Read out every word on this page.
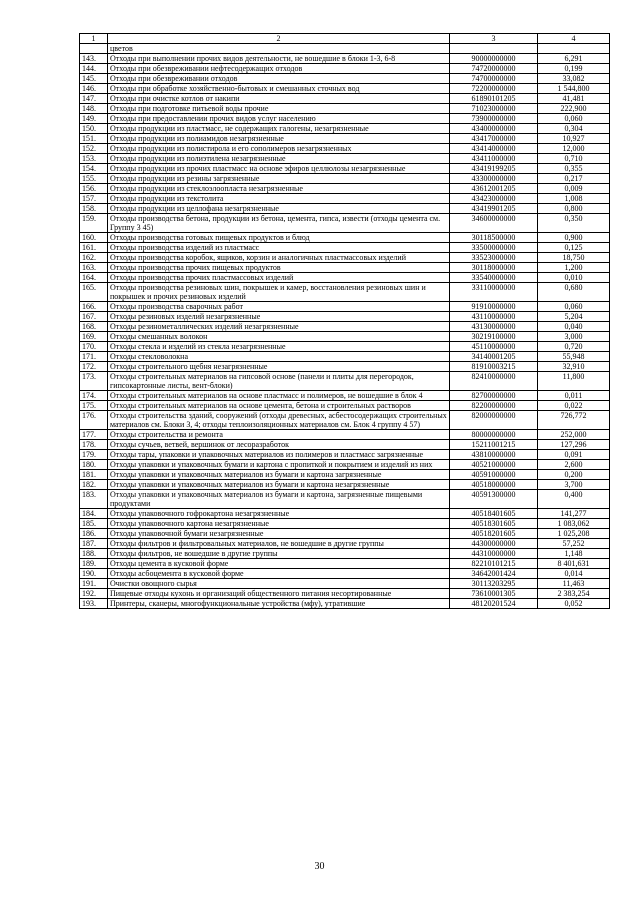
1	2	3	4
	цветов		
143.	Отходы при выполнении прочих видов деятельности, не вошедшие в блоки 1-3, 6-8	90000000000	6,291
144.	Отходы при обезвреживании нефтесодержащих отходов	74720000000	0,199
145.	Отходы при обезвреживании отходов	74700000000	33,082
146.	Отходы при обработке хозяйственно-бытовых и смешанных сточных вод	72200000000	1 544,800
147.	Отходы при очистке котлов от накипи	61890101205	41,481
148.	Отходы при подготовке питьевой воды прочие	71023000000	222,900
149.	Отходы при предоставлении прочих видов услуг населению	73900000000	0,060
150.	Отходы продукции из пластмасс, не содержащих галогены, незагрязненные	43400000000	0,304
151.	Отходы продукции из полиамидов незагрязненные	43417000000	10,927
152.	Отходы продукции из полистирола и его сополимеров незагрязненных	43414000000	12,000
153.	Отходы продукции из полиэтилена незагрязненные	43411000000	0,710
154.	Отходы продукции из прочих пластмасс на основе эфиров целлюлозы незагрязненные	43419199205	0,355
155.	Отходы продукции из резины загрязненные	43300000000	0,217
156.	Отходы продукции из стеклоэлоопласта незагрязненные	43612001205	0,009
157.	Отходы продукции из текстолита	43423000000	1,008
158.	Отходы продукции из целлофана незагрязненные	43419901205	0,800
159.	Отходы производства бетона, продукции из бетона, цемента, гипса, извести (отходы цемента см. Группу 3 45)	34600000000	0,350
160.	Отходы производства готовых пищевых продуктов и блюд	30118500000	0,900
161.	Отходы производства изделий из пластмасс	33500000000	0,125
162.	Отходы производства коробок, ящиков, корзин и аналогичных пластмассовых изделий	33523000000	18,750
163.	Отходы производства прочих пищевых продуктов	30118000000	1,200
164.	Отходы производства прочих пластмассовых изделий	33540000000	0,010
165.	Отходы производства резиновых шин, покрышек и камер, восстановления резиновых шин и покрышек и прочих резиновых изделий	33110000000	0,680
166.	Отходы производства сварочных работ	91910000000	0,060
167.	Отходы резиновых изделий незагрязненные	43110000000	5,204
168.	Отходы резинометаллических изделий незагрязненные	43130000000	0,040
169.	Отходы смешанных волокон	30219100000	3,000
170.	Отходы стекла и изделий из стекла незагрязненные	45110000000	0,720
171.	Отходы стекловолокна	34140001205	55,948
172.	Отходы строительного щебня незагрязненные	81910003215	32,910
173.	Отходы строительных материалов на гипсовой основе (панели и плиты для перегородок, гипсокартонные листы, вент-блоки)	82410000000	11,800
174.	Отходы строительных материалов на основе пластмасс и полимеров, не вошедшие в блок 4	82700000000	0,011
175.	Отходы строительных материалов на основе цемента, бетона и строительных растворов	82200000000	0,022
176.	Отходы строительства зданий, сооружений (отходы древесных, асбестосодержащих строительных материалов см. Блоки 3, 4; отходы теплоизоляционных материалов см. Блок 4 группу 4 57)	82000000000	726,772
177.	Отходы строительства и ремонта	80000000000	252,000
178.	Отходы сучьев, ветвей, вершинок от лесоразработок	15211001215	127,296
179.	Отходы тары, упаковки и упаковочных материалов из полимеров и пластмасс загрязненные	43810000000	0,091
180.	Отходы упаковки и упаковочных бумаги и картона с пропиткой и покрытием и изделий из них	40521000000	2,600
181.	Отходы упаковки и упаковочных материалов из бумаги и картона загрязненные	40591000000	0,200
182.	Отходы упаковки и упаковочных материалов из бумаги и картона незагрязненные	40518000000	3,700
183.	Отходы упаковки и упаковочных материалов из бумаги и картона, загрязненные пищевыми продуктами	40591300000	0,400
184.	Отходы упаковочного гофрокартона незагрязненные	40518401605	141,277
185.	Отходы упаковочного картона незагрязненные	40518301605	1 083,062
186.	Отходы упаковочной бумаги незагрязненные	40518201605	1 025,208
187.	Отходы фильтров и фильтровальных материалов, не вошедшие в другие группы	44300000000	57,252
188.	Отходы фильтров, не вошедшие в другие группы	44310000000	1,148
189.	Отходы цемента в кусковой форме	82210101215	8 401,631
190.	Отходы асбоцемента в кусковой форме	34642001424	0,014
191.	Очистки овощного сырья	30113203295	11,463
192.	Пищевые отходы кухонь и организаций общественного питания несортированные	73610001305	2 383,254
193.	Принтеры, сканеры, многофункциональные устройства (мфу), утратившие	48120201524	0,052
30
